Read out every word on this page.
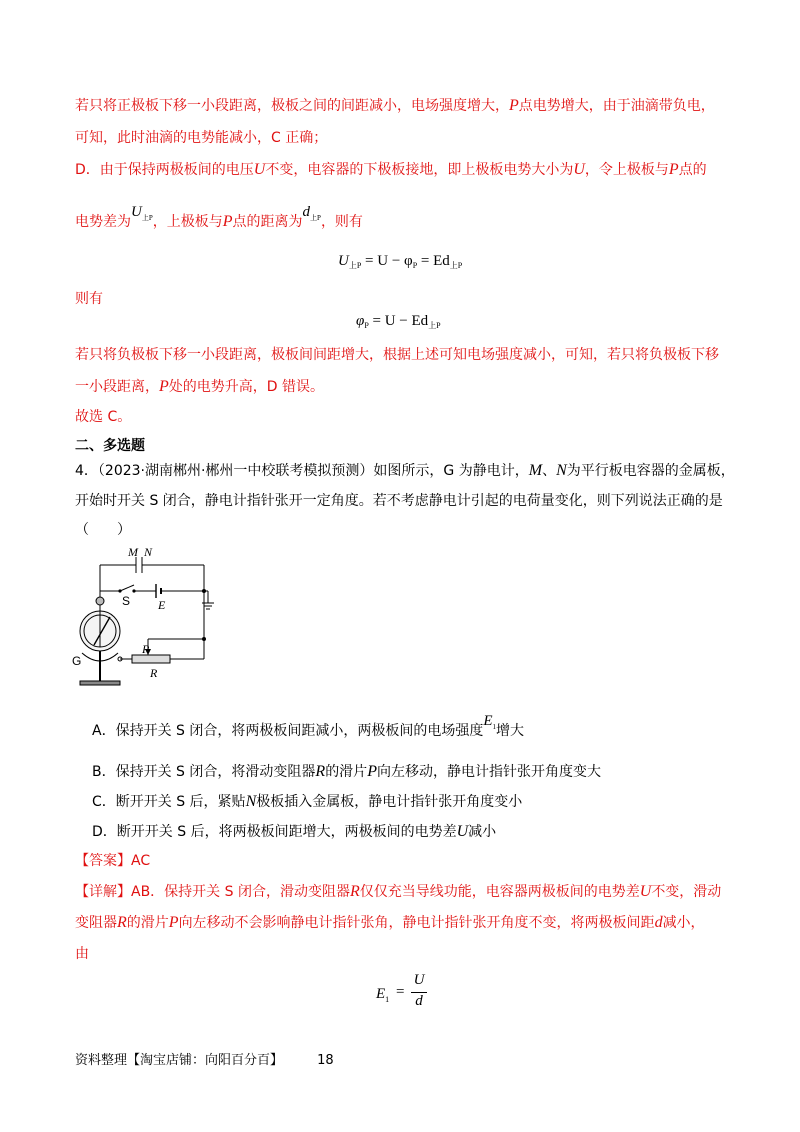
若只将正极板下移一小段距离，极板之间的间距减小，电场强度增大，P点电势增大，由于油滴带负电，
可知，此时油滴的电势能减小，C 正确；
D．由于保持两极板间的电压U不变，电容器的下极板接地，即上极板电势大小为U，令上极板与P点的
电势差为$U_{上P}$，上极板与P点的距离为$d_{上P}$，则有
$U_{上P} = U - \varphi_P = Ed_{上P}$
则有
$\varphi_P = U - Ed_{上P}$
若只将负极板下移一小段距离，极板间间距增大，根据上述可知电场强度减小，可知，若只将负极板下移
一小段距离，P处的电势升高，D 错误。
故选 C。
二、多选题
4．（2023·湖南郴州·郴州一中校联考模拟预测）如图所示，G 为静电计，M、N为平行板电容器的金属板，
开始时开关 S 闭合，静电计指针张开一定角度。若不考虑静电计引起的电荷量变化，则下列说法正确的是
（　　）
M N
E
P
R
S
G
A．保持开关 S 闭合，将两极板间距减小，两极板间的电场强度$E_1$增大
B．保持开关 S 闭合，将滑动变阻器R的滑片P向左移动，静电计指针张开角度变大
C．断开开关 S 后，紧贴N极板插入金属板，静电计指针张开角度变小
D．断开开关 S 后，将两极板间距增大，两极板间的电势差U减小
【答案】AC
【详解】AB．保持开关 S 闭合，滑动变阻器R仅仅充当导线功能，电容器两极板间的电势差U不变，滑动
变阻器R的滑片P向左移动不会影响静电计指针张角，静电计指针张开角度不变，将两极板间距d减小，
由
$E_1$ =
U
d
资料整理【淘宝店铺：向阳百分百】	18
